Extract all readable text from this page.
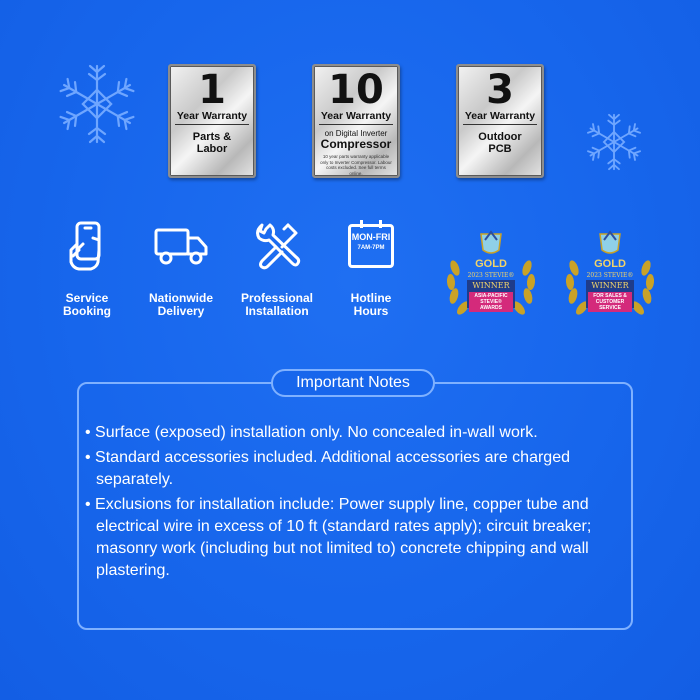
1
Year Warranty
Parts &
Labor
10
Year Warranty
on Digital Inverter
Compressor
10 year parts warranty applicable only to Inverter Compressor. Labour costs excluded. See full terms online.
3
Year Warranty
Outdoor
PCB
Service
Booking
Nationwide
Delivery
Professional
Installation
MON-FRI
7AM-7PM
Hotline
Hours
GOLD
2023 STEVIE®
WINNER
ASIA-PACIFIC
STEVIE® AWARDS
GOLD
2023 STEVIE®
WINNER
FOR SALES &
CUSTOMER SERVICE
Important Notes
• Surface (exposed) installation only. No concealed in-wall work.
• Standard accessories included. Additional accessories are charged separately.
• Exclusions for installation include: Power supply line, copper tube and electrical wire in excess of 10 ft (standard rates apply); circuit breaker; masonry work (including but not limited to) concrete chipping and wall plastering.
